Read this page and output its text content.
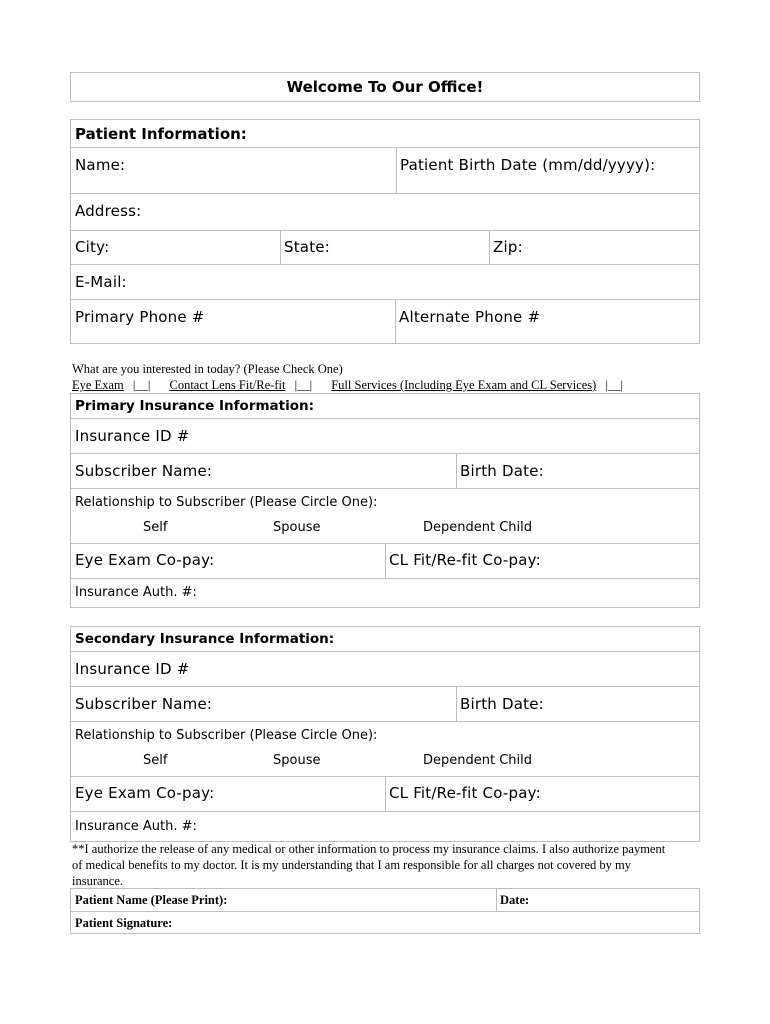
Welcome To Our Office!
Patient Information:
Name:	Patient Birth Date (mm/dd/yyyy):
Address:
City:	State:	Zip:
E-Mail:
Primary Phone #	Alternate Phone #
What are you interested in today? (Please Check One)
Eye Exam |__| Contact Lens Fit/Re-fit |__| Full Services (Including Eye Exam and CL Services) |__|
Primary Insurance Information:
Insurance ID #
Subscriber Name:	Birth Date:
Relationship to Subscriber (Please Circle One):
Self	Spouse	Dependent Child
Eye Exam Co-pay:	CL Fit/Re-fit Co-pay:
Insurance Auth. #:
Secondary Insurance Information:
Insurance ID #
Subscriber Name:	Birth Date:
Relationship to Subscriber (Please Circle One):
Self	Spouse	Dependent Child
Eye Exam Co-pay:	CL Fit/Re-fit Co-pay:
Insurance Auth. #:
**I authorize the release of any medical or other information to process my insurance claims. I also authorize payment
of medical benefits to my doctor. It is my understanding that I am responsible for all charges not covered by my
insurance.
Patient Name (Please Print):	Date:
Patient Signature:
